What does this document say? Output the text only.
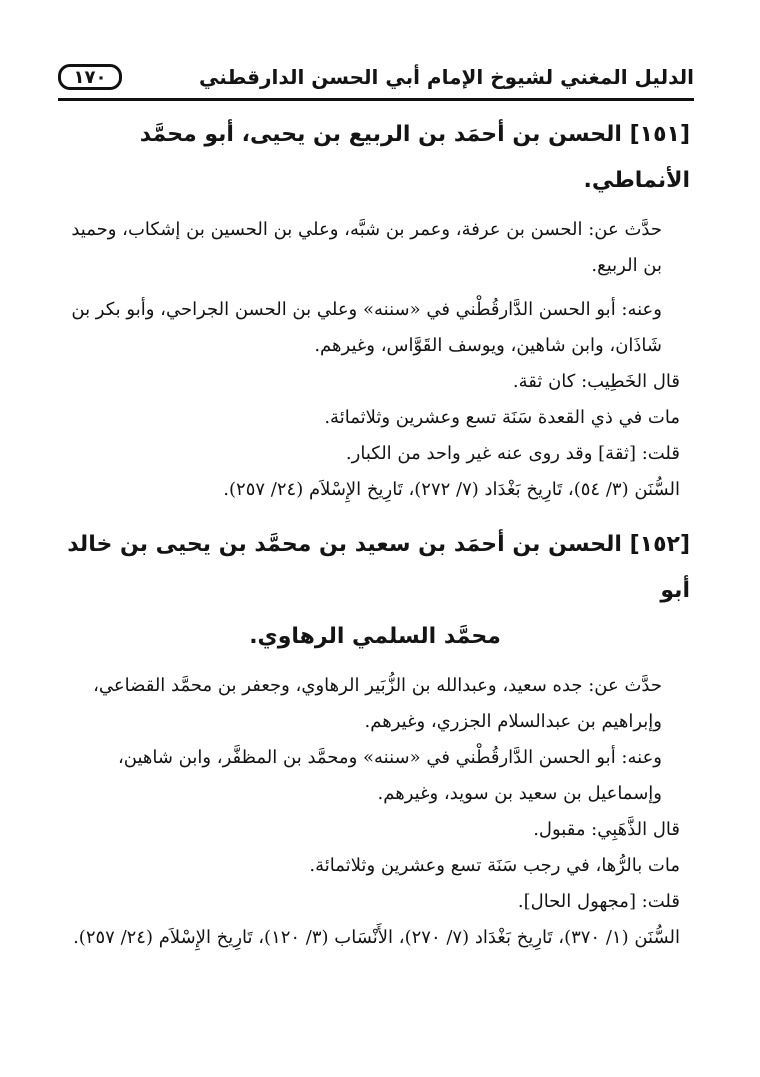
١٧٠	الدليل المغني لشيوخ الإمام أبي الحسن الدارقطني
[١٥١] الحسن بن أحمَد بن الربيع بن يحيى، أبو محمَّد الأنماطي.

حدَّث عن: الحسن بن عرفة، وعمر بن شبَّه، وعلي بن الحسين بن إشكاب، وحميد بن الربيع.

وعنه: أبو الحسن الدَّارقُطْني في «سننه» وعلي بن الحسن الجراحي، وأبو بكر بن شَاذَان، وابن شاهين، ويوسف القَوَّاس، وغيرهم.

قال الخَطِيب: كان ثقة.

مات في ذي القعدة سَنَة تسع وعشرين وثلاثمائة.

قلت: [ثقة] وقد روى عنه غير واحد من الكبار.

السُّنَن (٣/ ٥٤)، تَارِيخ بَغْدَاد (٧/ ٢٧٢)، تَارِيخ الإِسْلاَم (٢٤/ ٢٥٧).

[١٥٢] الحسن بن أحمَد بن سعيد بن محمَّد بن يحيى بن خالد أبو
محمَّد السلمي الرهاوي.

حدَّث عن: جده سعيد، وعبدالله بن الزُّبَير الرهاوي، وجعفر بن محمَّد القضاعي، وإبراهيم بن عبدالسلام الجزري، وغيرهم.

وعنه: أبو الحسن الدَّارقُطْني في «سننه» ومحمَّد بن المظفَّر، وابن شاهين، وإسماعيل بن سعيد بن سويد، وغيرهم.

قال الذَّهَبِي: مقبول.

مات بالرُّها، في رجب سَنَة تسع وعشرين وثلاثمائة.

قلت: [مجهول الحال].

السُّنَن (١/ ٣٧٠)، تَارِيخ بَغْدَاد (٧/ ٢٧٠)، الأَنْسَاب (٣/ ١٢٠)، تَارِيخ الإِسْلاَم (٢٤/ ٢٥٧).
